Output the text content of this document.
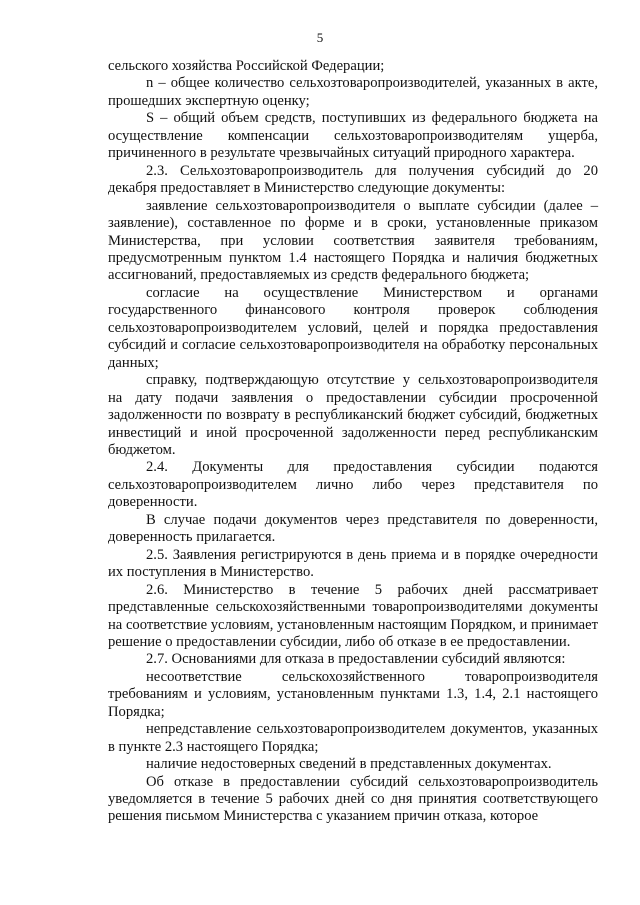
5

сельского хозяйства Российской Федерации;

n – общее количество сельхозтоваропроизводителей, указанных в акте, прошедших экспертную оценку;

S – общий объем средств, поступивших из федерального бюджета на осуществление компенсации сельхозтоваропроизводителям ущерба, причиненного в результате чрезвычайных ситуаций природного характера.

2.3. Сельхозтоваропроизводитель для получения субсидий до 20 декабря предоставляет в Министерство следующие документы:

заявление сельхозтоваропроизводителя о выплате субсидии (далее – заявление), составленное по форме и в сроки, установленные приказом Министерства, при условии соответствия заявителя требованиям, предусмотренным пунктом 1.4 настоящего Порядка и наличия бюджетных ассигнований, предоставляемых из средств федерального бюджета;

согласие на осуществление Министерством и органами государственного финансового контроля проверок соблюдения сельхозтоваропроизводителем условий, целей и порядка предоставления субсидий и согласие сельхозтоваропроизводителя на обработку персональных данных;

справку, подтверждающую отсутствие у сельхозтоваропроизводителя на дату подачи заявления о предоставлении субсидии просроченной задолженности по возврату в республиканский бюджет субсидий, бюджетных инвестиций и иной просроченной задолженности перед республиканским бюджетом.

2.4. Документы для предоставления субсидии подаются сельхозтоваропроизводителем лично либо через представителя по доверенности.

В случае подачи документов через представителя по доверенности, доверенность прилагается.

2.5. Заявления регистрируются в день приема и в порядке очередности их поступления в Министерство.

2.6. Министерство в течение 5 рабочих дней рассматривает представленные сельскохозяйственными товаропроизводителями документы на соответствие условиям, установленным настоящим Порядком, и принимает решение о предоставлении субсидии, либо об отказе в ее предоставлении.

2.7. Основаниями для отказа в предоставлении субсидий являются:

несоответствие сельскохозяйственного товаропроизводителя требованиям и условиям, установленным пунктами 1.3, 1.4, 2.1 настоящего Порядка;

непредставление сельхозтоваропроизводителем документов, указанных в пункте 2.3 настоящего Порядка;

наличие недостоверных сведений в представленных документах.

Об отказе в предоставлении субсидий сельхозтоваропроизводитель уведомляется в течение 5 рабочих дней со дня принятия соответствующего решения письмом Министерства с указанием причин отказа, которое
